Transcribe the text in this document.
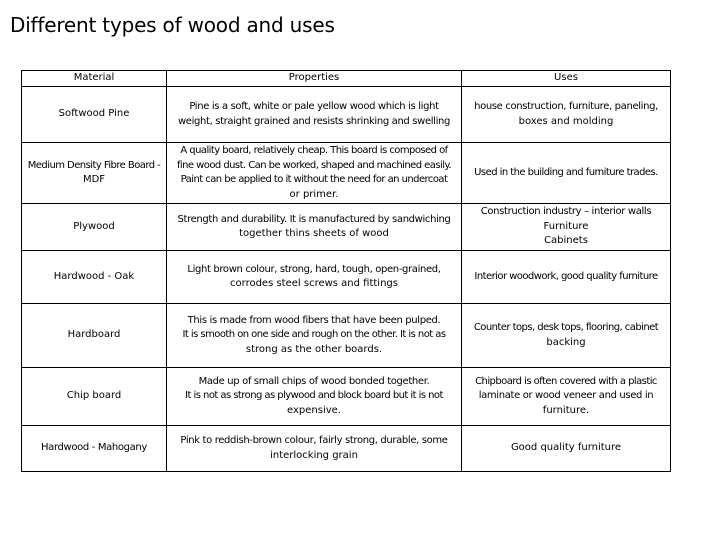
Different types of wood and uses
Material	Properties	Uses

Softwood Pine	Pine is a soft, white or pale yellow wood which is light
weight, straight grained and resists shrinking and swelling	house construction, furniture, paneling,
boxes and molding

Medium Density Fibre Board -
MDF	A quality board, relatively cheap. This board is composed of
fine wood dust. Can be worked, shaped and machined easily.
Paint can be applied to it without the need for an undercoat
or primer.	Used in the building and furniture trades.

Plywood	Strength and durability. It is manufactured by sandwiching
together thins sheets of wood	Construction industry – interior walls
Furniture
Cabinets

Hardwood - Oak	Light brown colour, strong, hard, tough, open-grained,
corrodes steel screws and fittings	Interior woodwork, good quality furniture

Hardboard	This is made from wood fibers that have been pulped.
It is smooth on one side and rough on the other. It is not as
strong as the other boards.	Counter tops, desk tops, flooring, cabinet
backing

Chip board	Made up of small chips of wood bonded together.
It is not as strong as plywood and block board but it is not
expensive.	Chipboard is often covered with a plastic
laminate or wood veneer and used in
furniture.

Hardwood - Mahogany	Pink to reddish-brown colour, fairly strong, durable, some
interlocking grain	Good quality furniture
